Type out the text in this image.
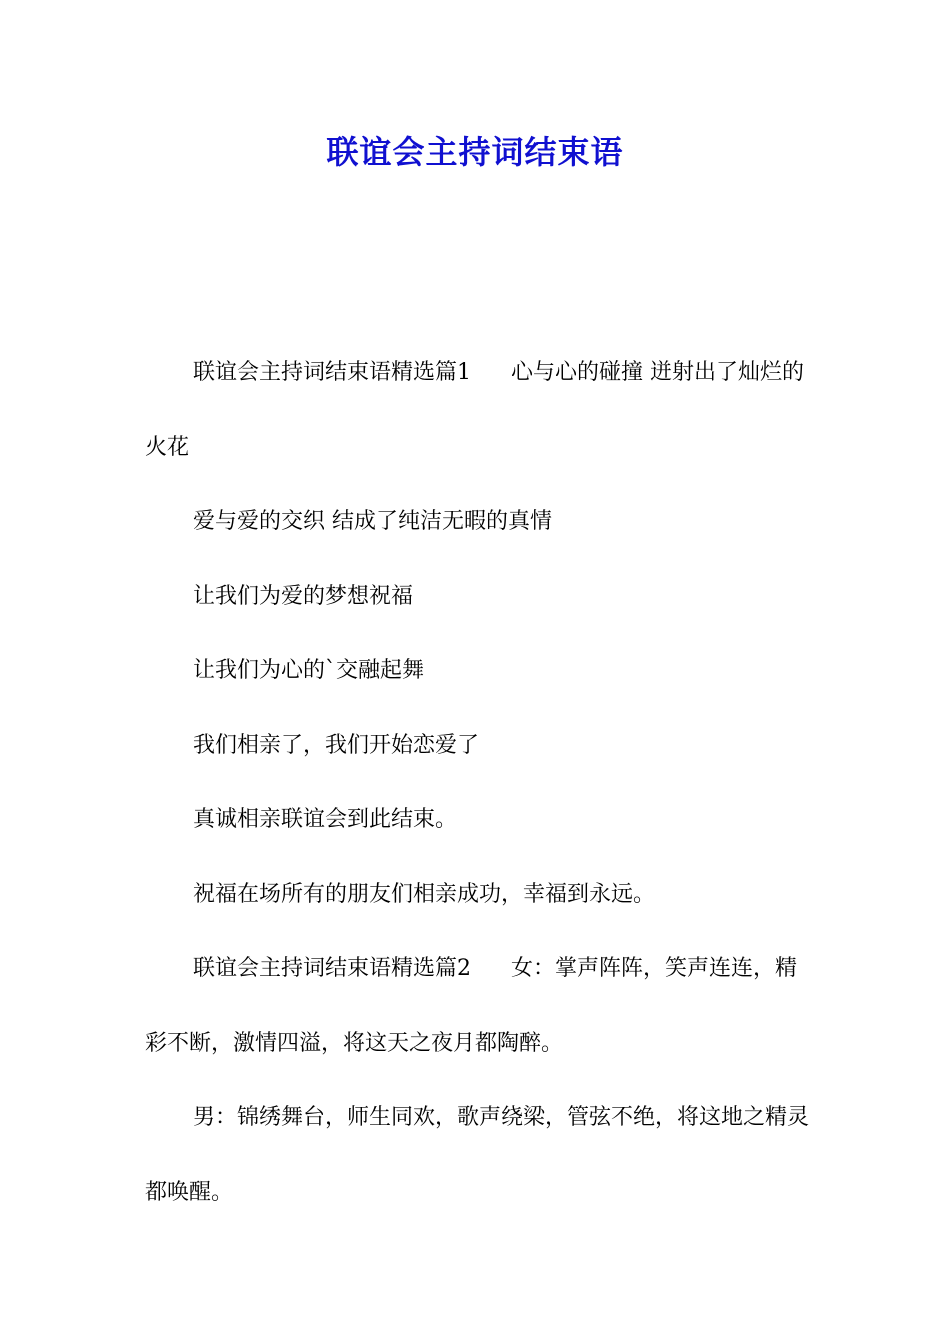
联谊会主持词结束语

联谊会主持词结束语精选篇1 心与心的碰撞 迸射出了灿烂的火花

爱与爱的交织 结成了纯洁无暇的真情

让我们为爱的梦想祝福

让我们为心的`交融起舞

我们相亲了，我们开始恋爱了

真诚相亲联谊会到此结束。

祝福在场所有的朋友们相亲成功，幸福到永远。

联谊会主持词结束语精选篇2 女：掌声阵阵，笑声连连，精彩不断，激情四溢，将这天之夜月都陶醉。

男：锦绣舞台，师生同欢，歌声绕梁，管弦不绝，将这地之精灵都唤醒。
